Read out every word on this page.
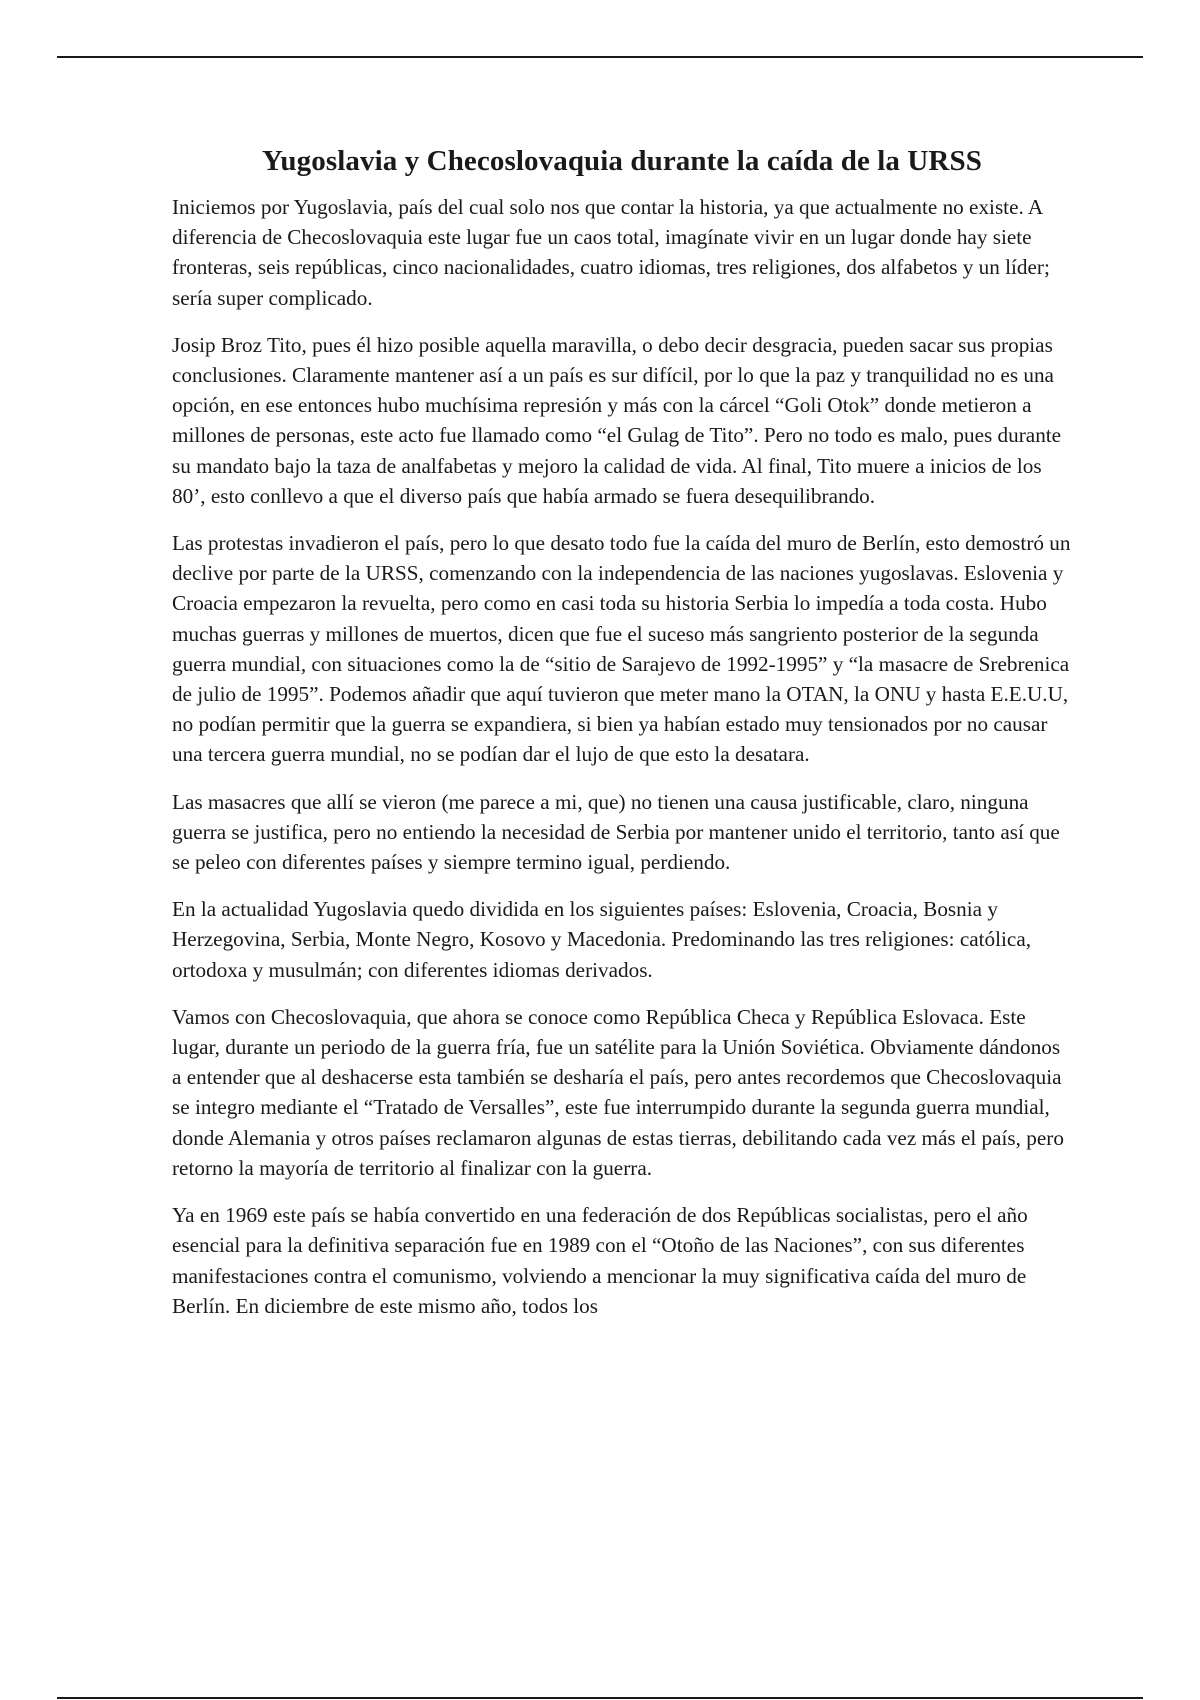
Yugoslavia y Checoslovaquia durante la caída de la URSS

Iniciemos por Yugoslavia, país del cual solo nos que contar la historia, ya que actualmente no existe. A diferencia de Checoslovaquia este lugar fue un caos total, imagínate vivir en un lugar donde hay siete fronteras, seis repúblicas, cinco nacionalidades, cuatro idiomas, tres religiones, dos alfabetos y un líder; sería super complicado.

Josip Broz Tito, pues él hizo posible aquella maravilla, o debo decir desgracia, pueden sacar sus propias conclusiones. Claramente mantener así a un país es sur difícil, por lo que la paz y tranquilidad no es una opción, en ese entonces hubo muchísima represión y más con la cárcel “Goli Otok” donde metieron a millones de personas, este acto fue llamado como “el Gulag de Tito”. Pero no todo es malo, pues durante su mandato bajo la taza de analfabetas y mejoro la calidad de vida. Al final, Tito muere a inicios de los 80’, esto conllevo a que el diverso país que había armado se fuera desequilibrando.

Las protestas invadieron el país, pero lo que desato todo fue la caída del muro de Berlín, esto demostró un declive por parte de la URSS, comenzando con la independencia de las naciones yugoslavas. Eslovenia y Croacia empezaron la revuelta, pero como en casi toda su historia Serbia lo impedía a toda costa. Hubo muchas guerras y millones de muertos, dicen que fue el suceso más sangriento posterior de la segunda guerra mundial, con situaciones como la de “sitio de Sarajevo de 1992-1995” y “la masacre de Srebrenica de julio de 1995”. Podemos añadir que aquí tuvieron que meter mano la OTAN, la ONU y hasta E.E.U.U, no podían permitir que la guerra se expandiera, si bien ya habían estado muy tensionados por no causar una tercera guerra mundial, no se podían dar el lujo de que esto la desatara.

Las masacres que allí se vieron (me parece a mi, que) no tienen una causa justificable, claro, ninguna guerra se justifica, pero no entiendo la necesidad de Serbia por mantener unido el territorio, tanto así que se peleo con diferentes países y siempre termino igual, perdiendo.

En la actualidad Yugoslavia quedo dividida en los siguientes países: Eslovenia, Croacia, Bosnia y Herzegovina, Serbia, Monte Negro, Kosovo y Macedonia. Predominando las tres religiones: católica, ortodoxa y musulmán; con diferentes idiomas derivados.

Vamos con Checoslovaquia, que ahora se conoce como República Checa y República Eslovaca. Este lugar, durante un periodo de la guerra fría, fue un satélite para la Unión Soviética. Obviamente dándonos a entender que al deshacerse esta también se desharía el país, pero antes recordemos que Checoslovaquia se integro mediante el “Tratado de Versalles”, este fue interrumpido durante la segunda guerra mundial, donde Alemania y otros países reclamaron algunas de estas tierras, debilitando cada vez más el país, pero retorno la mayoría de territorio al finalizar con la guerra.

Ya en 1969 este país se había convertido en una federación de dos Repúblicas socialistas, pero el año esencial para la definitiva separación fue en 1989 con el “Otoño de las Naciones”, con sus diferentes manifestaciones contra el comunismo, volviendo a mencionar la muy significativa caída del muro de Berlín. En diciembre de este mismo año, todos los
